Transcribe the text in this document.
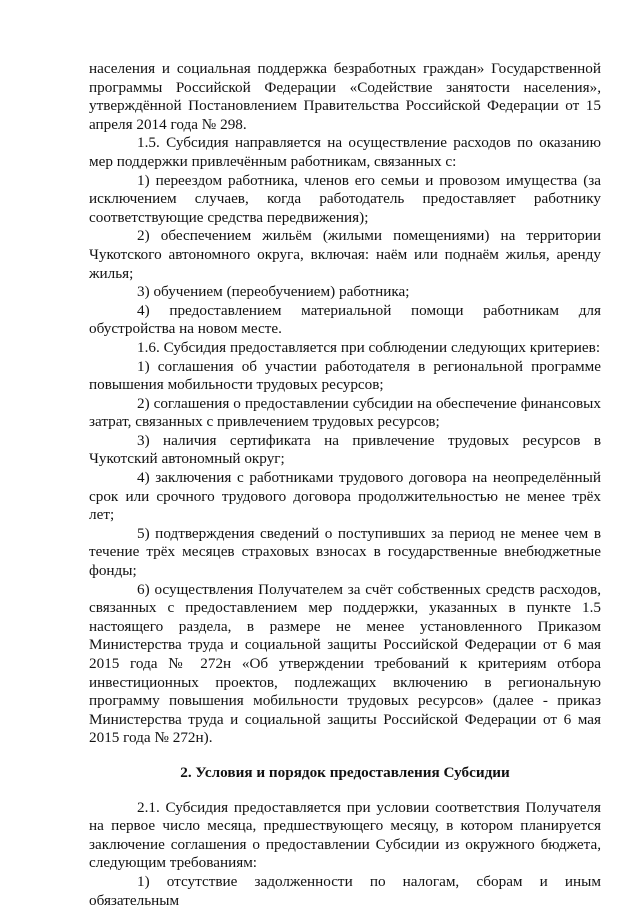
населения и социальная поддержка безработных граждан» Государственной программы Российской Федерации «Содействие занятости населения», утверждённой Постановлением Правительства Российской Федерации от 15 апреля 2014 года № 298.

1.5. Субсидия направляется на осуществление расходов по оказанию мер поддержки привлечённым работникам, связанных с:

1) переездом работника, членов его семьи и провозом имущества (за исключением случаев, когда работодатель предоставляет работнику соответствующие средства передвижения);

2) обеспечением жильём (жилыми помещениями) на территории Чукотского автономного округа, включая: наём или поднаём жилья, аренду жилья;

3) обучением (переобучением) работника;

4) предоставлением материальной помощи работникам для обустройства на новом месте.

1.6. Субсидия предоставляется при соблюдении следующих критериев:

1) соглашения об участии работодателя в региональной программе повышения мобильности трудовых ресурсов;

2) соглашения о предоставлении субсидии на обеспечение финансовых затрат, связанных с привлечением трудовых ресурсов;

3) наличия сертификата на привлечение трудовых ресурсов в Чукотский автономный округ;

4) заключения с работниками трудового договора на неопределённый срок или срочного трудового договора продолжительностью не менее трёх лет;

5) подтверждения сведений о поступивших за период не менее чем в течение трёх месяцев страховых взносах в государственные внебюджетные фонды;

6) осуществления Получателем за счёт собственных средств расходов, связанных с предоставлением мер поддержки, указанных в пункте 1.5 настоящего раздела, в размере не менее установленного Приказом Министерства труда и социальной защиты Российской Федерации от 6 мая 2015 года № 272н «Об утверждении требований к критериям отбора инвестиционных проектов, подлежащих включению в региональную программу повышения мобильности трудовых ресурсов» (далее - приказ Министерства труда и социальной защиты Российской Федерации от 6 мая 2015 года № 272н).

2. Условия и порядок предоставления Субсидии

2.1. Субсидия предоставляется при условии соответствия Получателя на первое число месяца, предшествующего месяцу, в котором планируется заключение соглашения о предоставлении Субсидии из окружного бюджета, следующим требованиям:

1) отсутствие задолженности по налогам, сборам и иным обязательным
